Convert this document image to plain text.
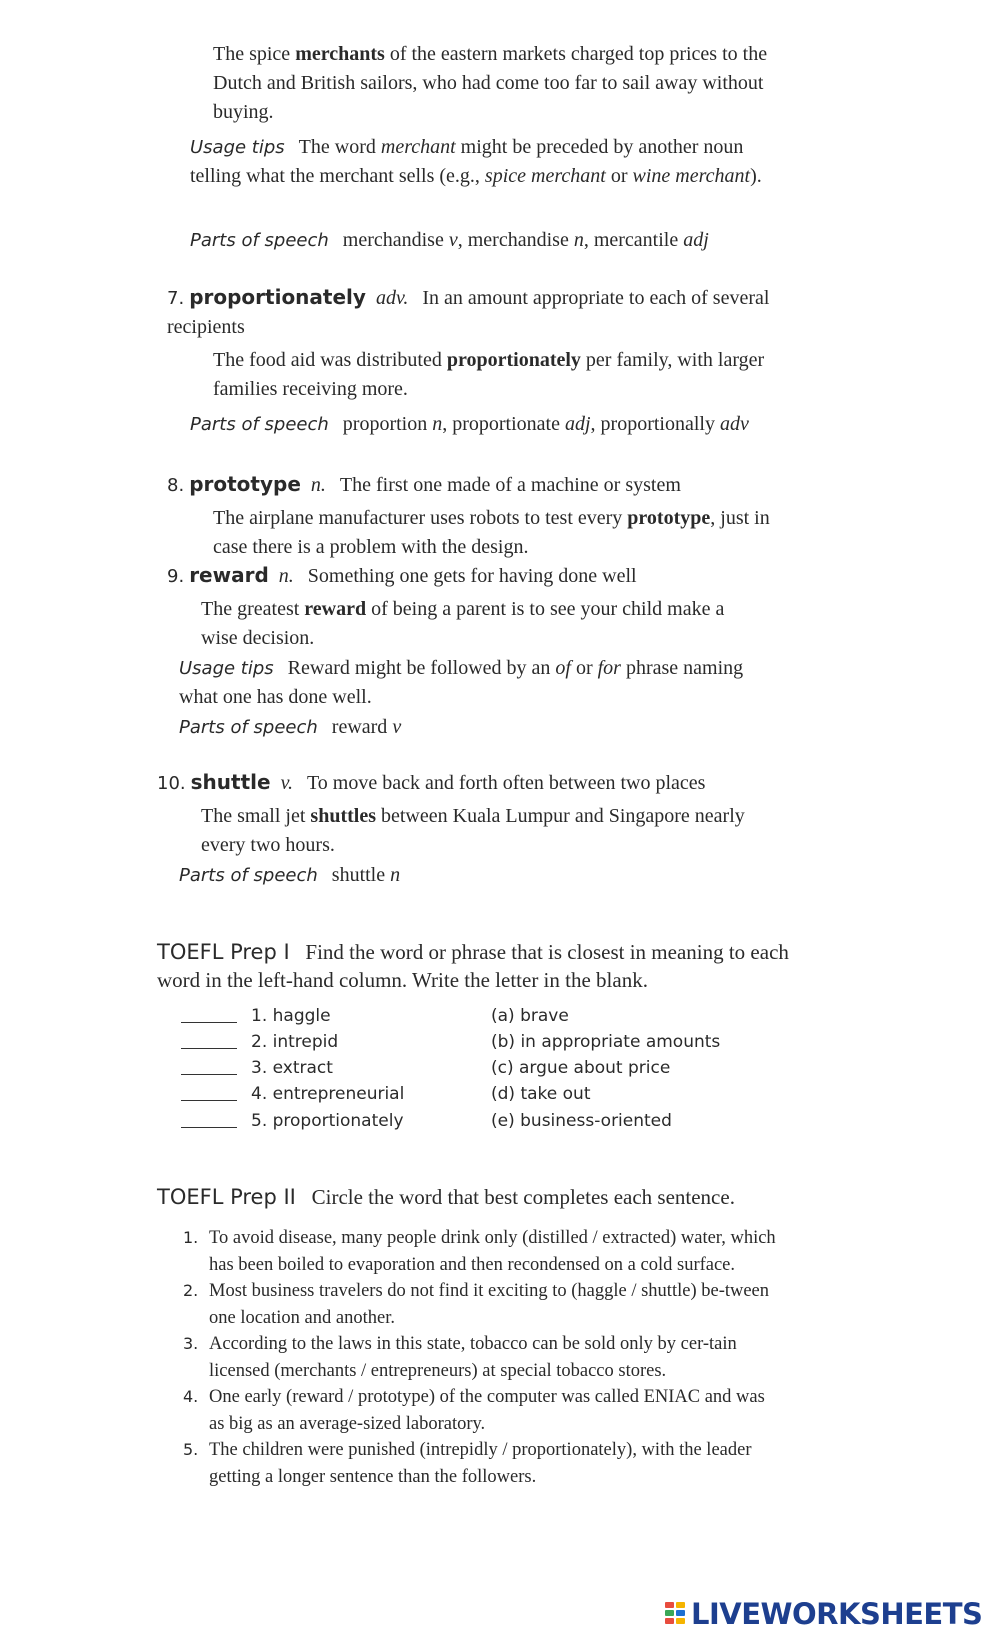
The spice merchants of the eastern markets charged top prices to the Dutch and British sailors, who had come too far to sail away without buying.

Usage tips The word merchant might be preceded by another noun telling what the merchant sells (e.g., spice merchant or wine merchant).

Parts of speech merchandise v, merchandise n, mercantile adj

7. proportionately adv. In an amount appropriate to each of several recipients

The food aid was distributed proportionately per family, with larger families receiving more.

Parts of speech proportion n, proportionate adj, proportionally adv

8. prototype n. The first one made of a machine or system

The airplane manufacturer uses robots to test every prototype, just in case there is a problem with the design.

9. reward n. Something one gets for having done well

The greatest reward of being a parent is to see your child make a wise decision.

Usage tips Reward might be followed by an of or for phrase naming what one has done well.

Parts of speech reward v

10. shuttle v. To move back and forth often between two places

The small jet shuttles between Kuala Lumpur and Singapore nearly every two hours.

Parts of speech shuttle n

TOEFL Prep I Find the word or phrase that is closest in meaning to each word in the left-hand column. Write the letter in the blank.

1. haggle	(a) brave
2. intrepid	(b) in appropriate amounts
3. extract	(c) argue about price
4. entrepreneurial	(d) take out
5. proportionately	(e) business-oriented

TOEFL Prep II Circle the word that best completes each sentence.

1. To avoid disease, many people drink only (distilled / extracted) water, which has been boiled to evaporation and then recondensed on a cold surface.
2. Most business travelers do not find it exciting to (haggle / shuttle) be-tween one location and another.
3. According to the laws in this state, tobacco can be sold only by cer-tain licensed (merchants / entrepreneurs) at special tobacco stores.
4. One early (reward / prototype) of the computer was called ENIAC and was as big as an average-sized laboratory.
5. The children were punished (intrepidly / proportionately), with the leader getting a longer sentence than the followers.
LIVEWORKSHEETS
